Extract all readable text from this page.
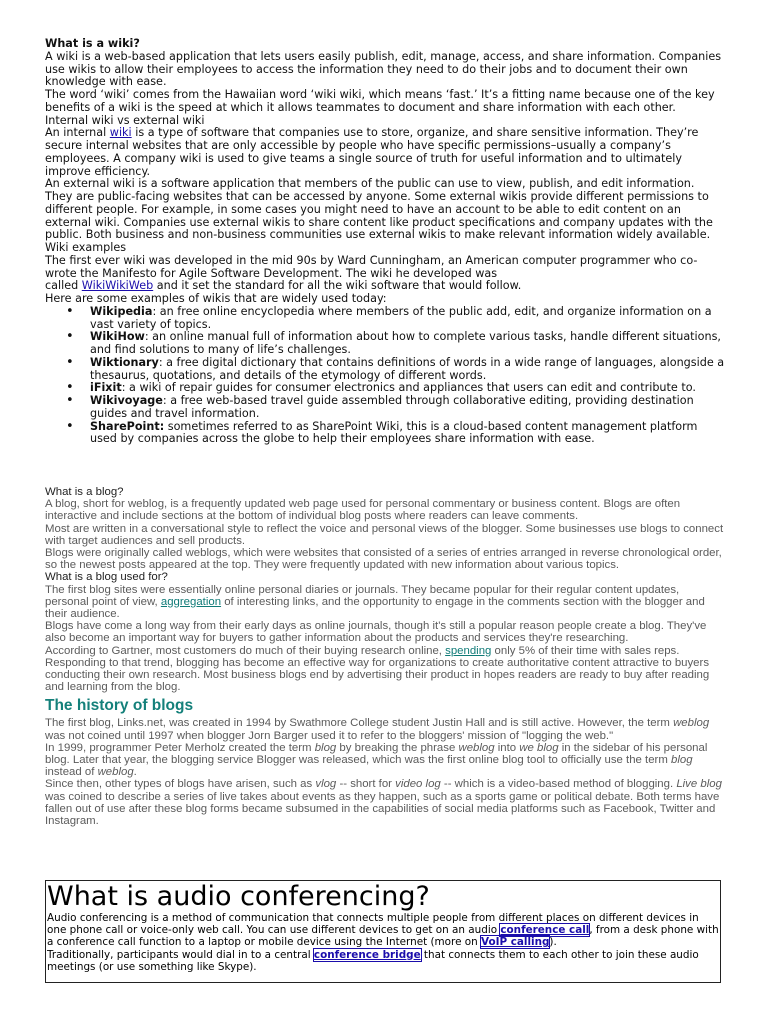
What is a wiki?

A wiki is a web-based application that lets users easily publish, edit, manage, access, and share information. Companies use wikis to allow their employees to access the information they need to do their jobs and to document their own knowledge with ease.

The word ‘wiki’ comes from the Hawaiian word ‘wiki wiki, which means ‘fast.’ It’s a fitting name because one of the key benefits of a wiki is the speed at which it allows teammates to document and share information with each other.

Internal wiki vs external wiki

An internal wiki is a type of software that companies use to store, organize, and share sensitive information. They’re secure internal websites that are only accessible by people who have specific permissions–usually a company’s employees. A company wiki is used to give teams a single source of truth for useful information and to ultimately improve efficiency.

An external wiki is a software application that members of the public can use to view, publish, and edit information. They are public-facing websites that can be accessed by anyone. Some external wikis provide different permissions to different people. For example, in some cases you might need to have an account to be able to edit content on an external wiki. Companies use external wikis to share content like product specifications and company updates with the public. Both business and non-business communities use external wikis to make relevant information widely available.

Wiki examples

The first ever wiki was developed in the mid 90s by Ward Cunningham, an American computer programmer who co-wrote the Manifesto for Agile Software Development. The wiki he developed was

called WikiWikiWeb and it set the standard for all the wiki software that would follow.

Here are some examples of wikis that are widely used today:

• Wikipedia: an free online encyclopedia where members of the public add, edit, and organize information on a vast variety of topics.
• WikiHow: an online manual full of information about how to complete various tasks, handle different situations, and find solutions to many of life’s challenges.
• Wiktionary: a free digital dictionary that contains definitions of words in a wide range of languages, alongside a thesaurus, quotations, and details of the etymology of different words.
• iFixit: a wiki of repair guides for consumer electronics and appliances that users can edit and contribute to.
• Wikivoyage: a free web-based travel guide assembled through collaborative editing, providing destination guides and travel information.
• SharePoint: sometimes referred to as SharePoint Wiki, this is a cloud-based content management platform used by companies across the globe to help their employees share information with ease.

What is a blog?

A blog, short for weblog, is a frequently updated web page used for personal commentary or business content. Blogs are often interactive and include sections at the bottom of individual blog posts where readers can leave comments.

Most are written in a conversational style to reflect the voice and personal views of the blogger. Some businesses use blogs to connect with target audiences and sell products.

Blogs were originally called weblogs, which were websites that consisted of a series of entries arranged in reverse chronological order, so the newest posts appeared at the top. They were frequently updated with new information about various topics.

What is a blog used for?

The first blog sites were essentially online personal diaries or journals. They became popular for their regular content updates, personal point of view, aggregation of interesting links, and the opportunity to engage in the comments section with the blogger and their audience.

Blogs have come a long way from their early days as online journals, though it's still a popular reason people create a blog. They've also become an important way for buyers to gather information about the products and services they're researching.

According to Gartner, most customers do much of their buying research online, spending only 5% of their time with sales reps. Responding to that trend, blogging has become an effective way for organizations to create authoritative content attractive to buyers conducting their own research. Most business blogs end by advertising their product in hopes readers are ready to buy after reading and learning from the blog.

The history of blogs

The first blog, Links.net, was created in 1994 by Swathmore College student Justin Hall and is still active. However, the term weblog was not coined until 1997 when blogger Jorn Barger used it to refer to the bloggers' mission of "logging the web."

In 1999, programmer Peter Merholz created the term blog by breaking the phrase weblog into we blog in the sidebar of his personal blog. Later that year, the blogging service Blogger was released, which was the first online blog tool to officially use the term blog instead of weblog.

Since then, other types of blogs have arisen, such as vlog -- short for video log -- which is a video-based method of blogging. Live blog was coined to describe a series of live takes about events as they happen, such as a sports game or political debate. Both terms have fallen out of use after these blog forms became subsumed in the capabilities of social media platforms such as Facebook, Twitter and Instagram.

What is audio conferencing?

Audio conferencing is a method of communication that connects multiple people from different places on different devices in one phone call or voice-only web call. You can use different devices to get on an audio conference call, from a desk phone with a conference call function to a laptop or mobile device using the Internet (more on VoIP calling).

Traditionally, participants would dial in to a central conference bridge that connects them to each other to join these audio meetings (or use something like Skype).
